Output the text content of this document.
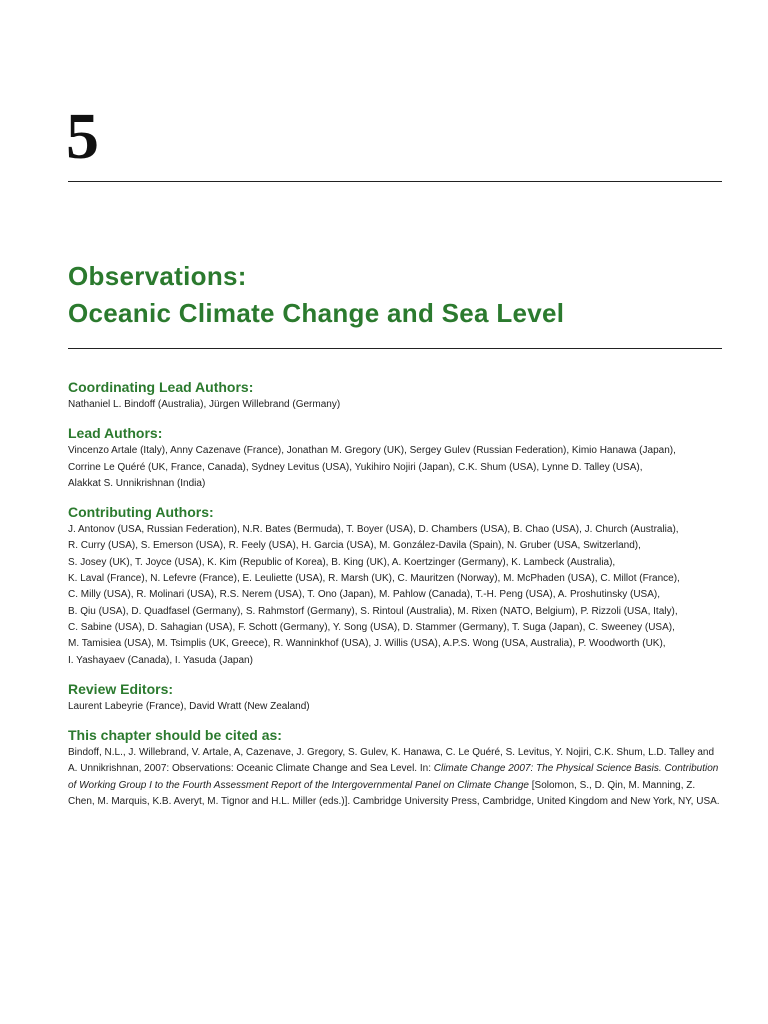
5
Observations:
Oceanic Climate Change and Sea Level
Coordinating Lead Authors:

Nathaniel L. Bindoff (Australia), Jürgen Willebrand (Germany)

Lead Authors:

Vincenzo Artale (Italy), Anny Cazenave (France), Jonathan M. Gregory (UK), Sergey Gulev (Russian Federation), Kimio Hanawa (Japan),
Corrine Le Quéré (UK, France, Canada), Sydney Levitus (USA), Yukihiro Nojiri (Japan), C.K. Shum (USA), Lynne D. Talley (USA),
Alakkat S. Unnikrishnan (India)

Contributing Authors:

J. Antonov (USA, Russian Federation), N.R. Bates (Bermuda), T. Boyer (USA), D. Chambers (USA), B. Chao (USA), J. Church (Australia),
R. Curry (USA), S. Emerson (USA), R. Feely (USA), H. Garcia (USA), M. González-Davila (Spain), N. Gruber (USA, Switzerland),
S. Josey (UK), T. Joyce (USA), K. Kim (Republic of Korea), B. King (UK), A. Koertzinger (Germany), K. Lambeck (Australia),
K. Laval (France), N. Lefevre (France), E. Leuliette (USA), R. Marsh (UK), C. Mauritzen (Norway), M. McPhaden (USA), C. Millot (France),
C. Milly (USA), R. Molinari (USA), R.S. Nerem (USA), T. Ono (Japan), M. Pahlow (Canada), T.-H. Peng (USA), A. Proshutinsky (USA),
B. Qiu (USA), D. Quadfasel (Germany), S. Rahmstorf (Germany), S. Rintoul (Australia), M. Rixen (NATO, Belgium), P. Rizzoli (USA, Italy),
C. Sabine (USA), D. Sahagian (USA), F. Schott (Germany), Y. Song (USA), D. Stammer (Germany), T. Suga (Japan), C. Sweeney (USA),
M. Tamisiea (USA), M. Tsimplis (UK, Greece), R. Wanninkhof (USA), J. Willis (USA), A.P.S. Wong (USA, Australia), P. Woodworth (UK),
I. Yashayaev (Canada), I. Yasuda (Japan)

Review Editors:

Laurent Labeyrie (France), David Wratt (New Zealand)

This chapter should be cited as:

Bindoff, N.L., J. Willebrand, V. Artale, A, Cazenave, J. Gregory, S. Gulev, K. Hanawa, C. Le Quéré, S. Levitus, Y. Nojiri, C.K. Shum, L.D. Talley and A. Unnikrishnan, 2007: Observations: Oceanic Climate Change and Sea Level. In: Climate Change 2007: The Physical Science Basis. Contribution of Working Group I to the Fourth Assessment Report of the Intergovernmental Panel on Climate Change [Solomon, S., D. Qin, M. Manning, Z. Chen, M. Marquis, K.B. Averyt, M. Tignor and H.L. Miller (eds.)]. Cambridge University Press, Cambridge, United Kingdom and New York, NY, USA.
